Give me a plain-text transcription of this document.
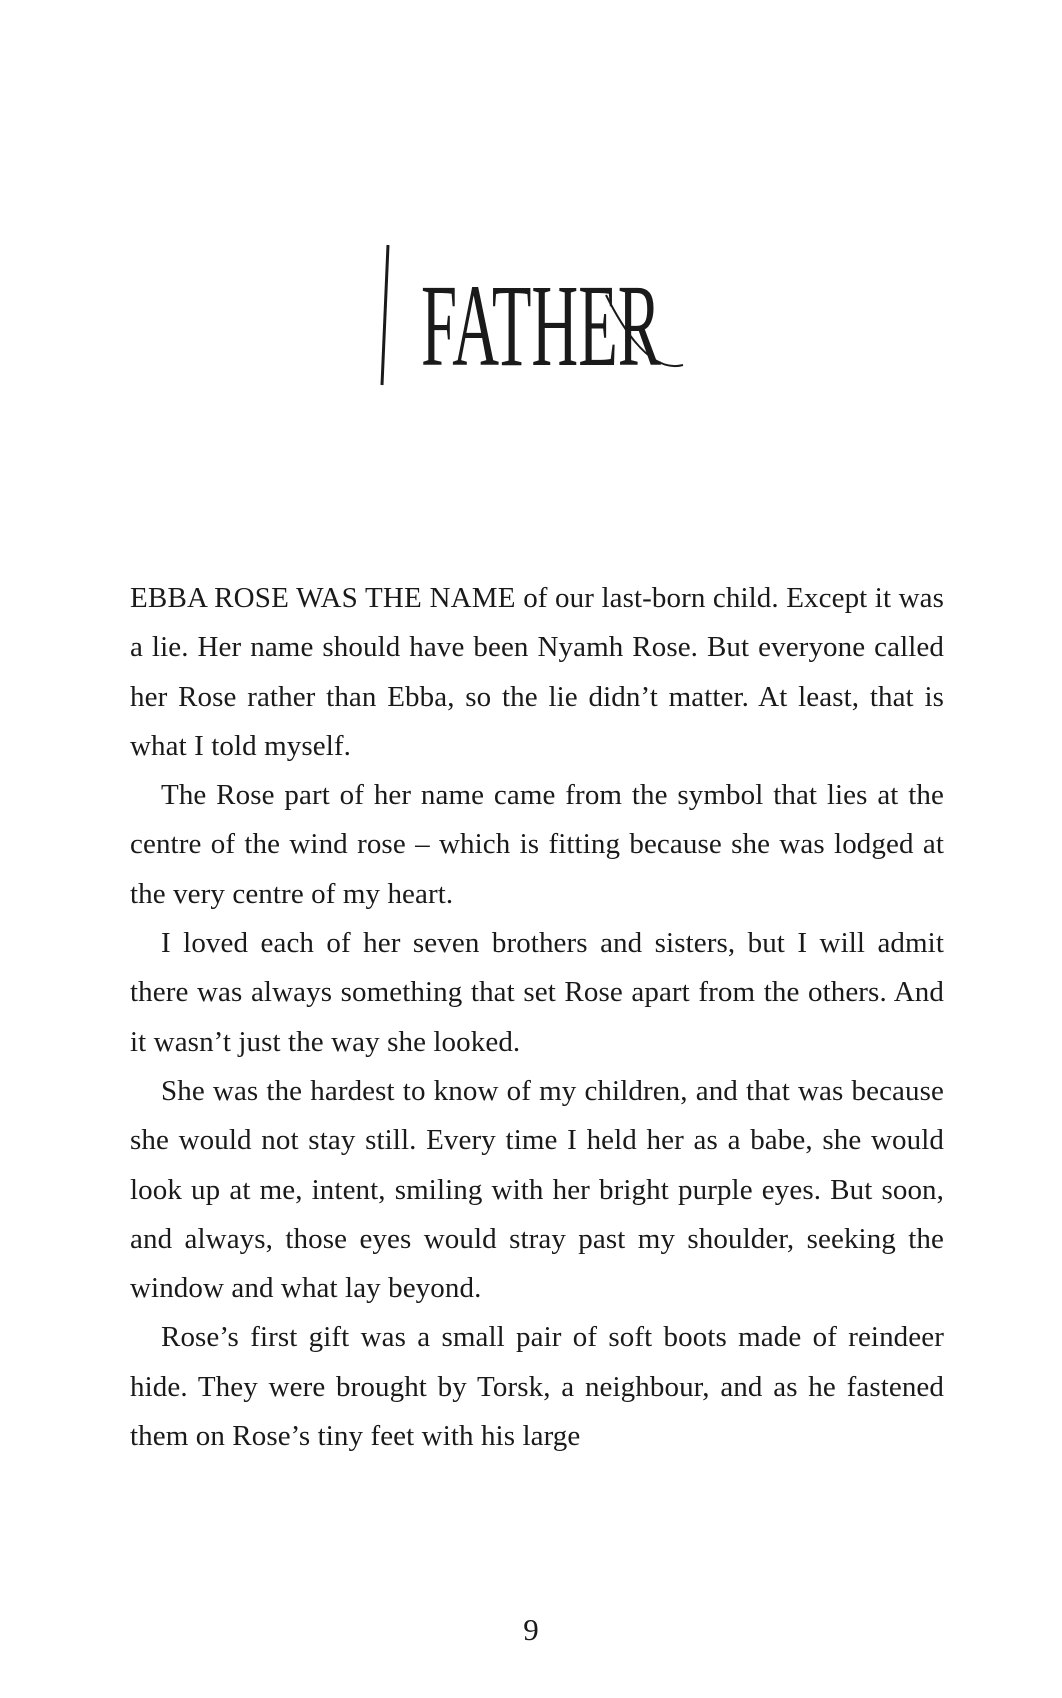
FATHER

EBBA ROSE WAS THE NAME of our last-born child. Except it was a lie. Her name should have been Nyamh Rose. But everyone called her Rose rather than Ebba, so the lie didn’t matter. At least, that is what I told myself.

The Rose part of her name came from the symbol that lies at the centre of the wind rose – which is fitting because she was lodged at the very centre of my heart.

I loved each of her seven brothers and sisters, but I will admit there was always something that set Rose apart from the others. And it wasn’t just the way she looked.

She was the hardest to know of my children, and that was because she would not stay still. Every time I held her as a babe, she would look up at me, intent, smiling with her bright purple eyes. But soon, and always, those eyes would stray past my shoulder, seeking the window and what lay beyond.

Rose’s first gift was a small pair of soft boots made of reindeer hide. They were brought by Torsk, a neighbour, and as he fastened them on Rose’s tiny feet with his large

9
